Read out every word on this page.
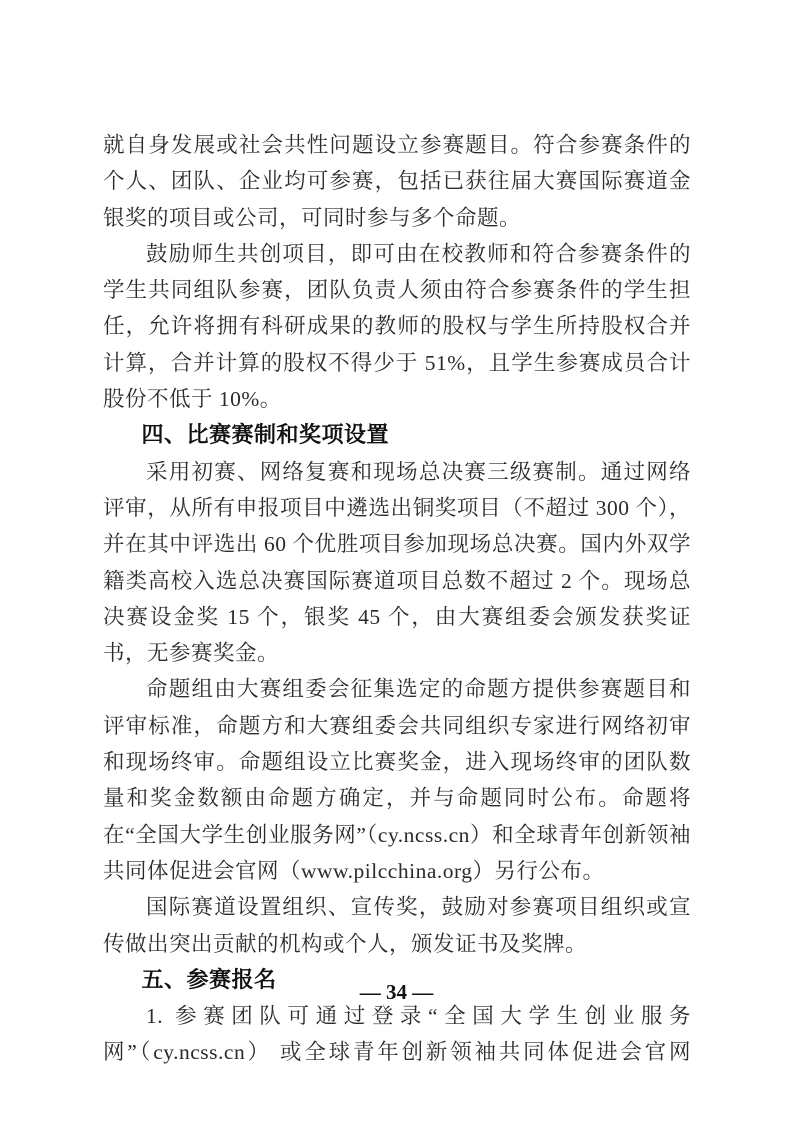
就自身发展或社会共性问题设立参赛题目。符合参赛条件的个人、团队、企业均可参赛，包括已获往届大赛国际赛道金银奖的项目或公司，可同时参与多个命题。

鼓励师生共创项目，即可由在校教师和符合参赛条件的学生共同组队参赛，团队负责人须由符合参赛条件的学生担任，允许将拥有科研成果的教师的股权与学生所持股权合并计算，合并计算的股权不得少于 51%，且学生参赛成员合计股份不低于 10%。

四、比赛赛制和奖项设置

采用初赛、网络复赛和现场总决赛三级赛制。通过网络评审，从所有申报项目中遴选出铜奖项目（不超过 300 个），并在其中评选出 60 个优胜项目参加现场总决赛。国内外双学籍类高校入选总决赛国际赛道项目总数不超过 2 个。现场总决赛设金奖 15 个，银奖 45 个，由大赛组委会颁发获奖证书，无参赛奖金。

命题组由大赛组委会征集选定的命题方提供参赛题目和评审标准，命题方和大赛组委会共同组织专家进行网络初审和现场终审。命题组设立比赛奖金，进入现场终审的团队数量和奖金数额由命题方确定，并与命题同时公布。命题将在“全国大学生创业服务网”（cy.ncss.cn）和全球青年创新领袖共同体促进会官网（www.pilcchina.org）另行公布。

国际赛道设置组织、宣传奖，鼓励对参赛项目组织或宣传做出突出贡献的机构或个人，颁发证书及奖牌。

五、参赛报名

1. 参赛团队可通过登录“全国大学生创业服务网”（cy.ncss.cn） 或全球青年创新领袖共同体促进会官网

— 34 —
